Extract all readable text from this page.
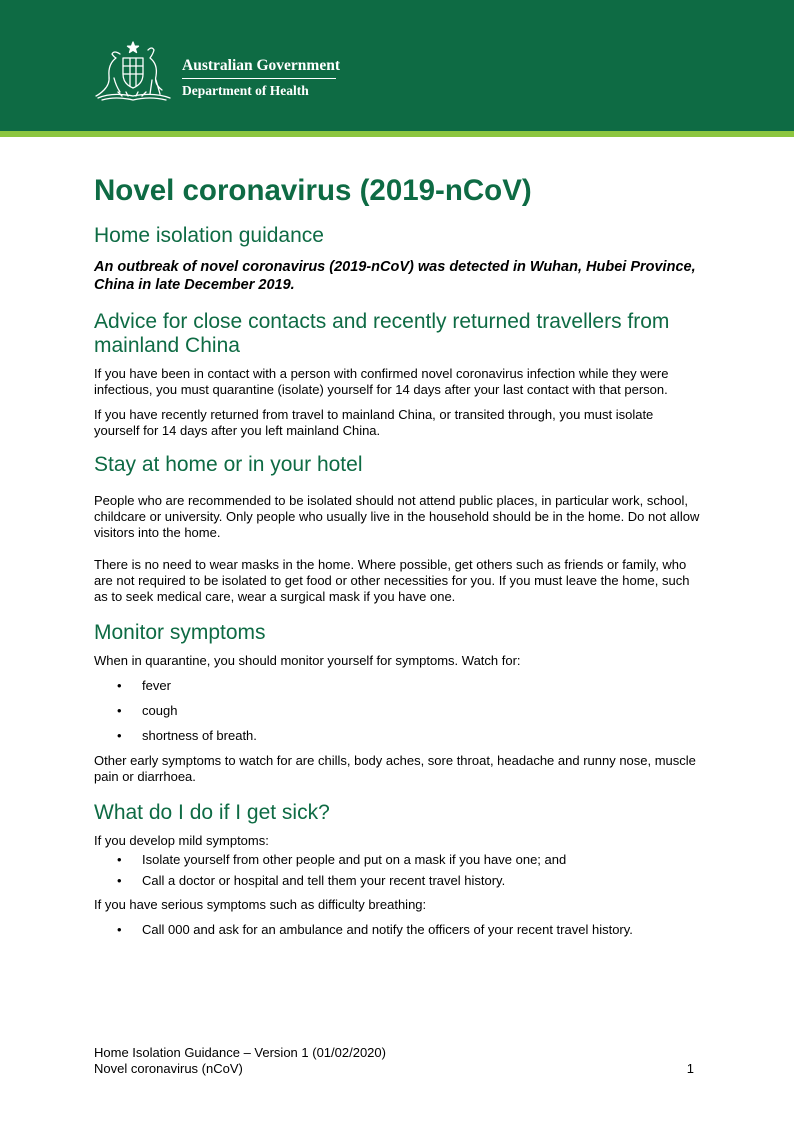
Australian Government
Department of Health
Novel coronavirus (2019-nCoV)
Home isolation guidance

An outbreak of novel coronavirus (2019-nCoV) was detected in Wuhan, Hubei Province, China in late December 2019.

Advice for close contacts and recently returned travellers from mainland China

If you have been in contact with a person with confirmed novel coronavirus infection while they were infectious, you must quarantine (isolate) yourself for 14 days after your last contact with that person.

If you have recently returned from travel to mainland China, or transited through, you must isolate yourself for 14 days after you left mainland China.

Stay at home or in your hotel

People who are recommended to be isolated should not attend public places, in particular work, school, childcare or university. Only people who usually live in the household should be in the home. Do not allow visitors into the home.

There is no need to wear masks in the home. Where possible, get others such as friends or family, who are not required to be isolated to get food or other necessities for you. If you must leave the home, such as to seek medical care, wear a surgical mask if you have one.

Monitor symptoms

When in quarantine, you should monitor yourself for symptoms. Watch for:

• fever
• cough
• shortness of breath.

Other early symptoms to watch for are chills, body aches, sore throat, headache and runny nose, muscle pain or diarrhoea.

What do I do if I get sick?

If you develop mild symptoms:

• Isolate yourself from other people and put on a mask if you have one; and
• Call a doctor or hospital and tell them your recent travel history.

If you have serious symptoms such as difficulty breathing:

• Call 000 and ask for an ambulance and notify the officers of your recent travel history.
Home Isolation Guidance – Version 1 (01/02/2020)
Novel coronavirus (nCoV)	1
